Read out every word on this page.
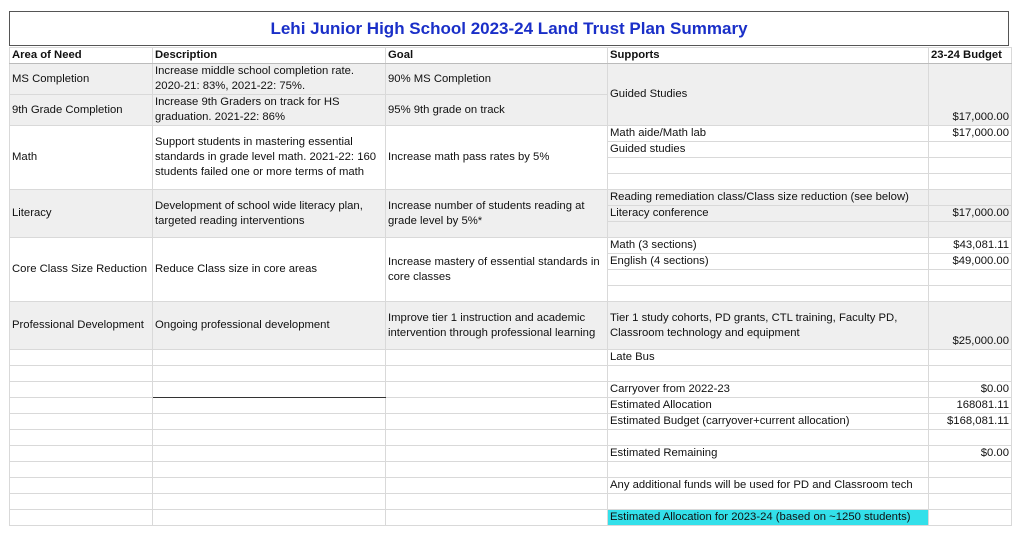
Lehi Junior High School 2023-24 Land Trust Plan Summary
Area of Need	Description	Goal	Supports	23-24 Budget
MS Completion	Increase middle school completion rate. 2020-21: 83%, 2021-22: 75%.	90% MS Completion	Guided Studies	$17,000.00
9th Grade Completion	Increase 9th Graders on track for HS graduation. 2021-22: 86%	95% 9th grade on track		
Math	Support students in mastering essential standards in grade level math. 2021-22: 160 students failed one or more terms of math	Increase math pass rates by 5%	Math aide/Math lab	$17,000.00
			Guided studies	

Literacy	Development of school wide literacy plan, targeted reading interventions	Increase number of students reading at grade level by 5%*	Reading remediation class/Class size reduction (see below)	
			Literacy conference	$17,000.00

Core Class Size Reduction	Reduce Class size in core areas	Increase mastery of essential standards in core classes	Math (3 sections)	$43,081.11
			English (4 sections)	$49,000.00

Professional Development	Ongoing professional development	Improve tier 1 instruction and academic intervention through professional learning	Tier 1 study cohorts, PD grants, CTL training, Faculty PD, Classroom technology and equipment	$25,000.00
			Late Bus	

			Carryover from 2022-23	$0.00
			Estimated Allocation	168081.11
			Estimated Budget (carryover+current allocation)	$168,081.11

			Estimated Remaining	$0.00

			Any additional funds will be used for PD and Classroom tech	

			Estimated Allocation for 2023-24 (based on ~1250 students)	
